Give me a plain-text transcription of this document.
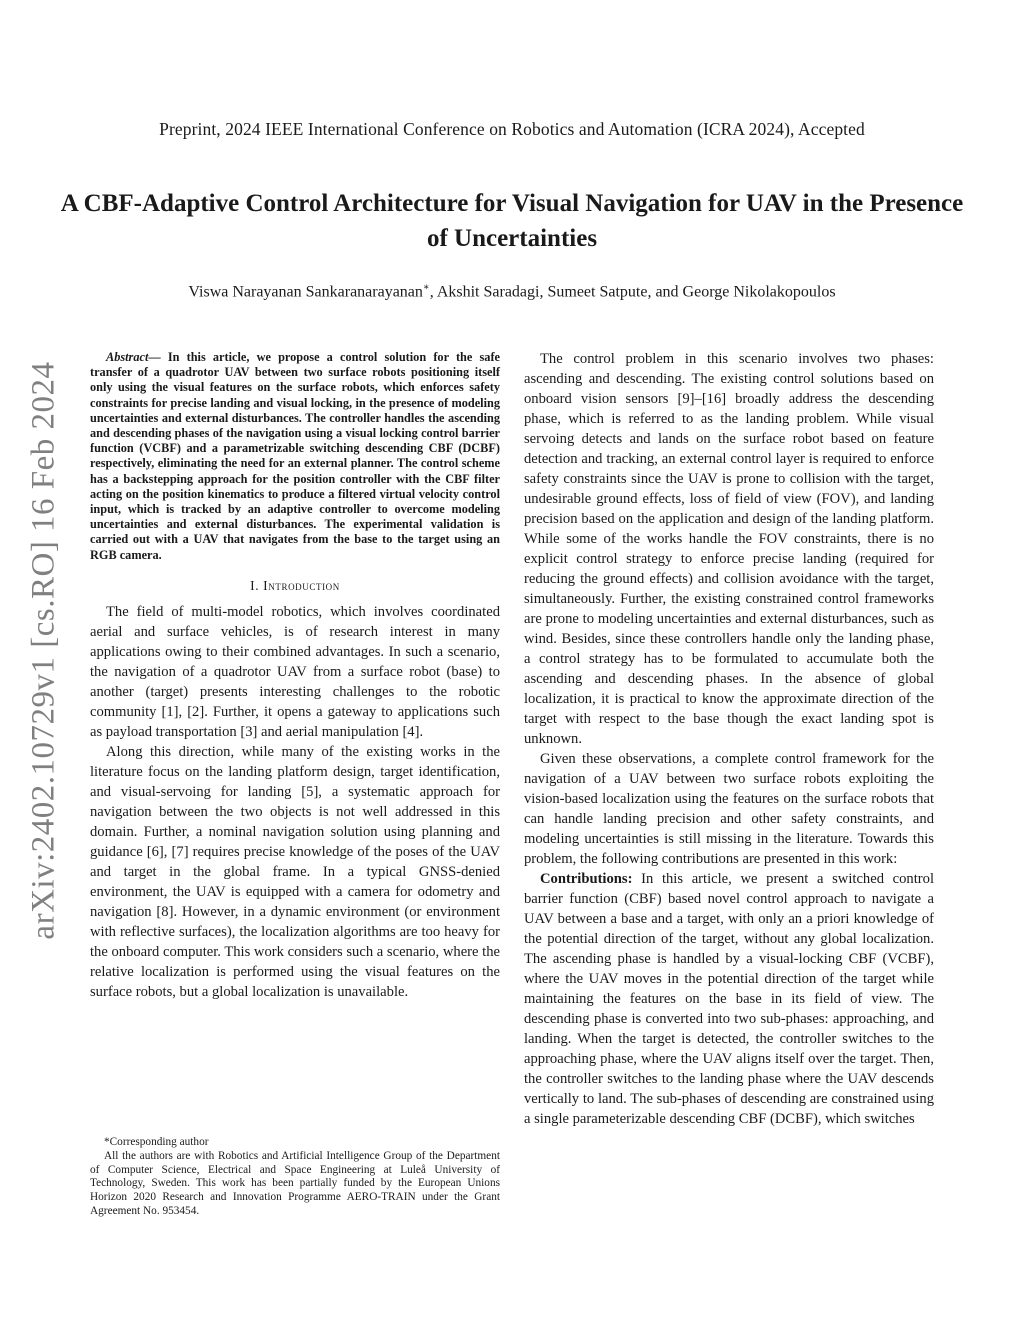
Preprint, 2024 IEEE International Conference on Robotics and Automation (ICRA 2024), Accepted
A CBF-Adaptive Control Architecture for Visual Navigation for UAV in the Presence of Uncertainties
Viswa Narayanan Sankaranarayanan∗, Akshit Saradagi, Sumeet Satpute, and George Nikolakopoulos
arXiv:2402.10729v1 [cs.RO] 16 Feb 2024

Abstract— In this article, we propose a control solution for the safe transfer of a quadrotor UAV between two surface robots positioning itself only using the visual features on the surface robots, which enforces safety constraints for precise landing and visual locking, in the presence of modeling uncertainties and external disturbances. The controller handles the ascending and descending phases of the navigation using a visual locking control barrier function (VCBF) and a parametrizable switching descending CBF (DCBF) respectively, eliminating the need for an external planner. The control scheme has a backstepping approach for the position controller with the CBF filter acting on the position kinematics to produce a filtered virtual velocity control input, which is tracked by an adaptive controller to overcome modeling uncertainties and external disturbances. The experimental validation is carried out with a UAV that navigates from the base to the target using an RGB camera.

I. Introduction

The field of multi-model robotics, which involves coordinated aerial and surface vehicles, is of research interest in many applications owing to their combined advantages. In such a scenario, the navigation of a quadrotor UAV from a surface robot (base) to another (target) presents interesting challenges to the robotic community [1], [2]. Further, it opens a gateway to applications such as payload transportation [3] and aerial manipulation [4].

Along this direction, while many of the existing works in the literature focus on the landing platform design, target identification, and visual-servoing for landing [5], a systematic approach for navigation between the two objects is not well addressed in this domain. Further, a nominal navigation solution using planning and guidance [6], [7] requires precise knowledge of the poses of the UAV and target in the global frame. In a typical GNSS-denied environment, the UAV is equipped with a camera for odometry and navigation [8]. However, in a dynamic environment (or environment with reflective surfaces), the localization algorithms are too heavy for the onboard computer. This work considers such a scenario, where the relative localization is performed using the visual features on the surface robots, but a global localization is unavailable.

*Corresponding author

All the authors are with Robotics and Artificial Intelligence Group of the Department of Computer Science, Electrical and Space Engineering at Luleå University of Technology, Sweden. This work has been partially funded by the European Unions Horizon 2020 Research and Innovation Programme AERO-TRAIN under the Grant Agreement No. 953454.

The control problem in this scenario involves two phases: ascending and descending. The existing control solutions based on onboard vision sensors [9]–[16] broadly address the descending phase, which is referred to as the landing problem. While visual servoing detects and lands on the surface robot based on feature detection and tracking, an external control layer is required to enforce safety constraints since the UAV is prone to collision with the target, undesirable ground effects, loss of field of view (FOV), and landing precision based on the application and design of the landing platform. While some of the works handle the FOV constraints, there is no explicit control strategy to enforce precise landing (required for reducing the ground effects) and collision avoidance with the target, simultaneously. Further, the existing constrained control frameworks are prone to modeling uncertainties and external disturbances, such as wind. Besides, since these controllers handle only the landing phase, a control strategy has to be formulated to accumulate both the ascending and descending phases. In the absence of global localization, it is practical to know the approximate direction of the target with respect to the base though the exact landing spot is unknown.

Given these observations, a complete control framework for the navigation of a UAV between two surface robots exploiting the vision-based localization using the features on the surface robots that can handle landing precision and other safety constraints, and modeling uncertainties is still missing in the literature. Towards this problem, the following contributions are presented in this work:

Contributions: In this article, we present a switched control barrier function (CBF) based novel control approach to navigate a UAV between a base and a target, with only an a priori knowledge of the potential direction of the target, without any global localization. The ascending phase is handled by a visual-locking CBF (VCBF), where the UAV moves in the potential direction of the target while maintaining the features on the base in its field of view. The descending phase is converted into two sub-phases: approaching, and landing. When the target is detected, the controller switches to the approaching phase, where the UAV aligns itself over the target. Then, the controller switches to the landing phase where the UAV descends vertically to land. The sub-phases of descending are constrained using a single parameterizable descending CBF (DCBF), which switches
